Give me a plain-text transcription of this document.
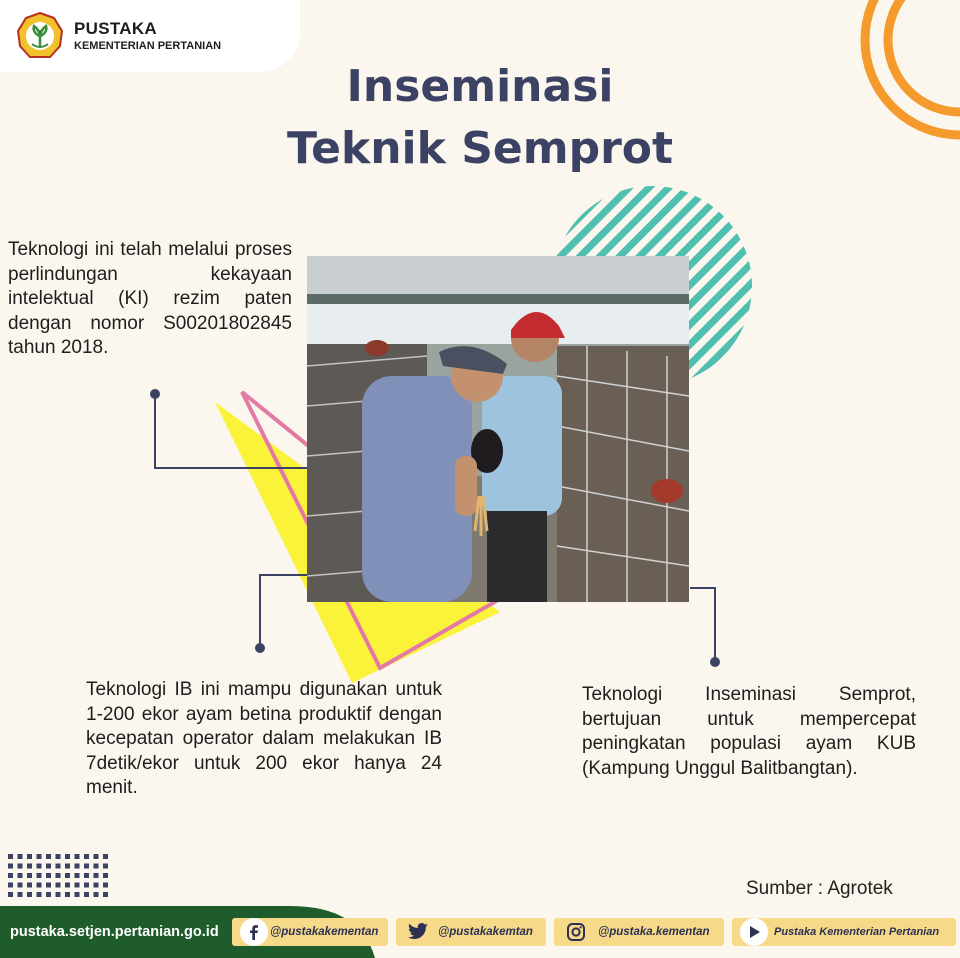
PUSTAKA
KEMENTERIAN PERTANIAN
Inseminasi
Teknik Semprot
Teknologi ini telah melalui proses perlindungan kekayaan intelektual (KI) rezim paten dengan nomor S00201802845 tahun 2018.
Teknologi IB ini mampu digunakan untuk 1-200 ekor ayam betina produktif dengan kecepatan operator dalam melakukan IB 7detik/ekor untuk 200 ekor hanya 24 menit.
Teknologi Inseminasi Semprot, bertujuan untuk mempercepat peningkatan populasi ayam KUB (Kampung Unggul Balitbangtan).
Sumber : Agrotek
pustaka.setjen.pertanian.go.id	@pustakakementan	@pustakakemtan	@pustaka.kementan	Pustaka Kementerian Pertanian
